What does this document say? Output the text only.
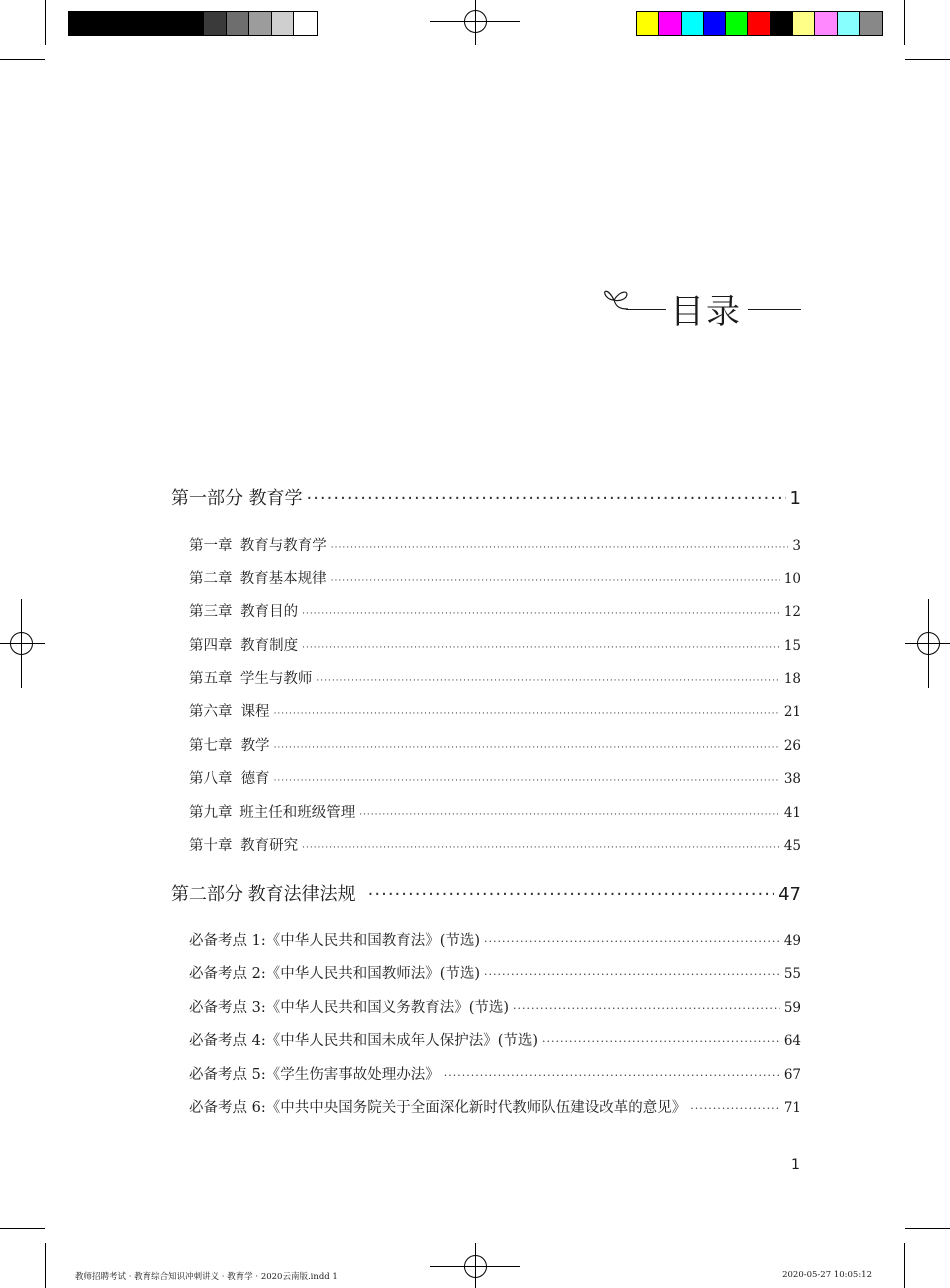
目录
第一部分 教育学 ·····	1
第一章 教育与教育学 ·····	3
第二章 教育基本规律 ·····	10
第三章 教育目的 ·····	12
第四章 教育制度 ·····	15
第五章 学生与教师 ·····	18
第六章 课程 ·····	21
第七章 教学 ·····	26
第八章 德育 ·····	38
第九章 班主任和班级管理 ·····	41
第十章 教育研究 ·····	45
第二部分 教育法律法规 ·····	47
必备考点 1:《中华人民共和国教育法》(节选) ·····	49
必备考点 2:《中华人民共和国教师法》(节选) ·····	55
必备考点 3:《中华人民共和国义务教育法》(节选) ·····	59
必备考点 4:《中华人民共和国未成年人保护法》(节选) ·····	64
必备考点 5:《学生伤害事故处理办法》 ·····	67
必备考点 6:《中共中央国务院关于全面深化新时代教师队伍建设改革的意见》 ·····	71
1
教师招聘考试 · 教育综合知识冲刺讲义 · 教育学 · 2020云南版.indd 1	2020-05-27 10:05:12
